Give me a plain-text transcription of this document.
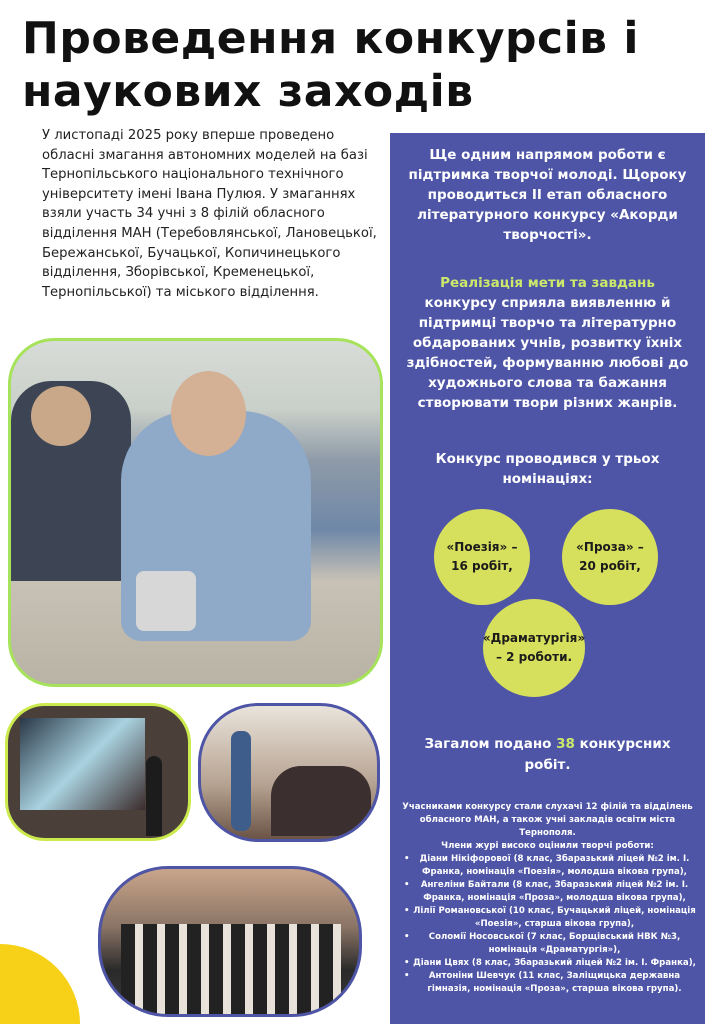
Проведення конкурсів і наукових заходів
У листопаді 2025 року вперше проведено обласні змагання автономних моделей на базі Тернопільського національного технічного університету імені Івана Пулюя. У змаганнях взяли участь 34 учні з 8 філій обласного відділення МАН (Теребовлянської, Лановецької, Бережанської, Бучацької, Копичинецького відділення, Зборівської, Кременецької, Тернопільської) та міського відділення.
Ще одним напрямом роботи є підтримка творчої молоді. Щороку проводиться ІІ етап обласного літературного конкурсу «Акорди творчості».
Реалізація мети та завдань
конкурсу сприяла виявленню й підтримці творчо та літературно обдарованих учнів, розвитку їхніх здібностей, формуванню любові до художнього слова та бажання створювати твори різних жанрів.
Конкурс проводився у трьох номінаціях:
«Поезія» –
16 робіт,
«Проза» –
20 робіт,
«Драматургія»
– 2 роботи.
Загалом подано 38 конкурсних робіт.
Учасниками конкурсу стали слухачі 12 філій та відділень обласного МАН, а також учні закладів освіти міста Тернополя.
Члени журі високо оцінили творчі роботи:
• Діани Нікіфорової (8 клас, Збаразький ліцей №2 ім. І. Франка, номінація «Поезія», молодша вікова група),
• Ангеліни Байтали (8 клас, Збаразький ліцей №2 ім. І. Франка, номінація «Проза», молодша вікова група),
• Лілії Романовської (10 клас, Бучацький ліцей, номінація «Поезія», старша вікова група),
• Соломії Носовської (7 клас, Борщівський НВК №3, номінація «Драматургія»),
• Діани Цвях (8 клас, Збаразький ліцей №2 ім. І. Франка),
• Антоніни Шевчук (11 клас, Заліщицька державна гімназія, номінація «Проза», старша вікова група).
